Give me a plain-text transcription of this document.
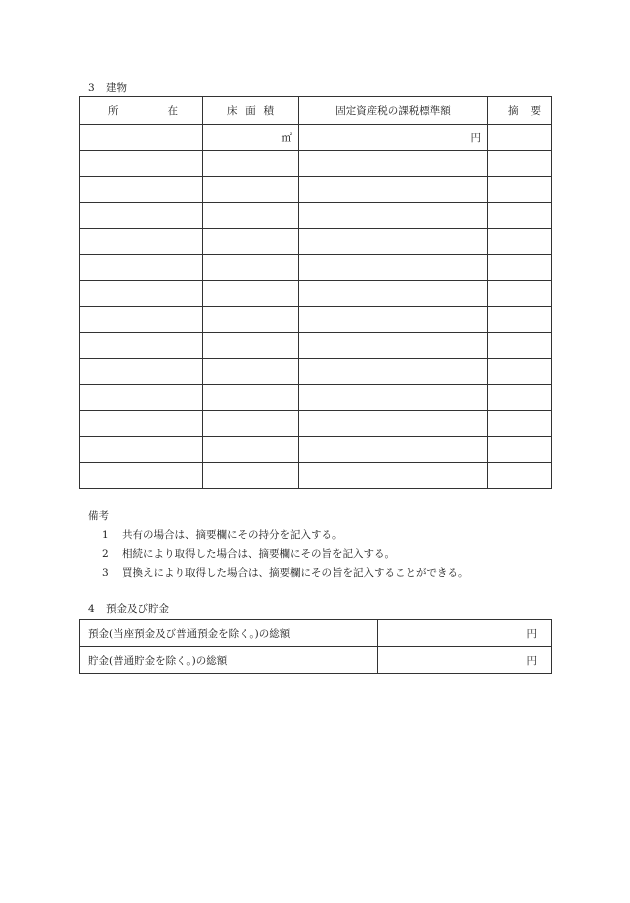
3 建物
所 在	床 面 積	固定資産税の課税標準額	摘 要

	㎡	円	

備考
1 共有の場合は、摘要欄にその持分を記入する。
2 相続により取得した場合は、摘要欄にその旨を記入する。
3 買換えにより取得した場合は、摘要欄にその旨を記入することができる。
4 預金及び貯金
預金(当座預金及び普通預金を除く。)の総額	円
貯金(普通貯金を除く。)の総額	円
